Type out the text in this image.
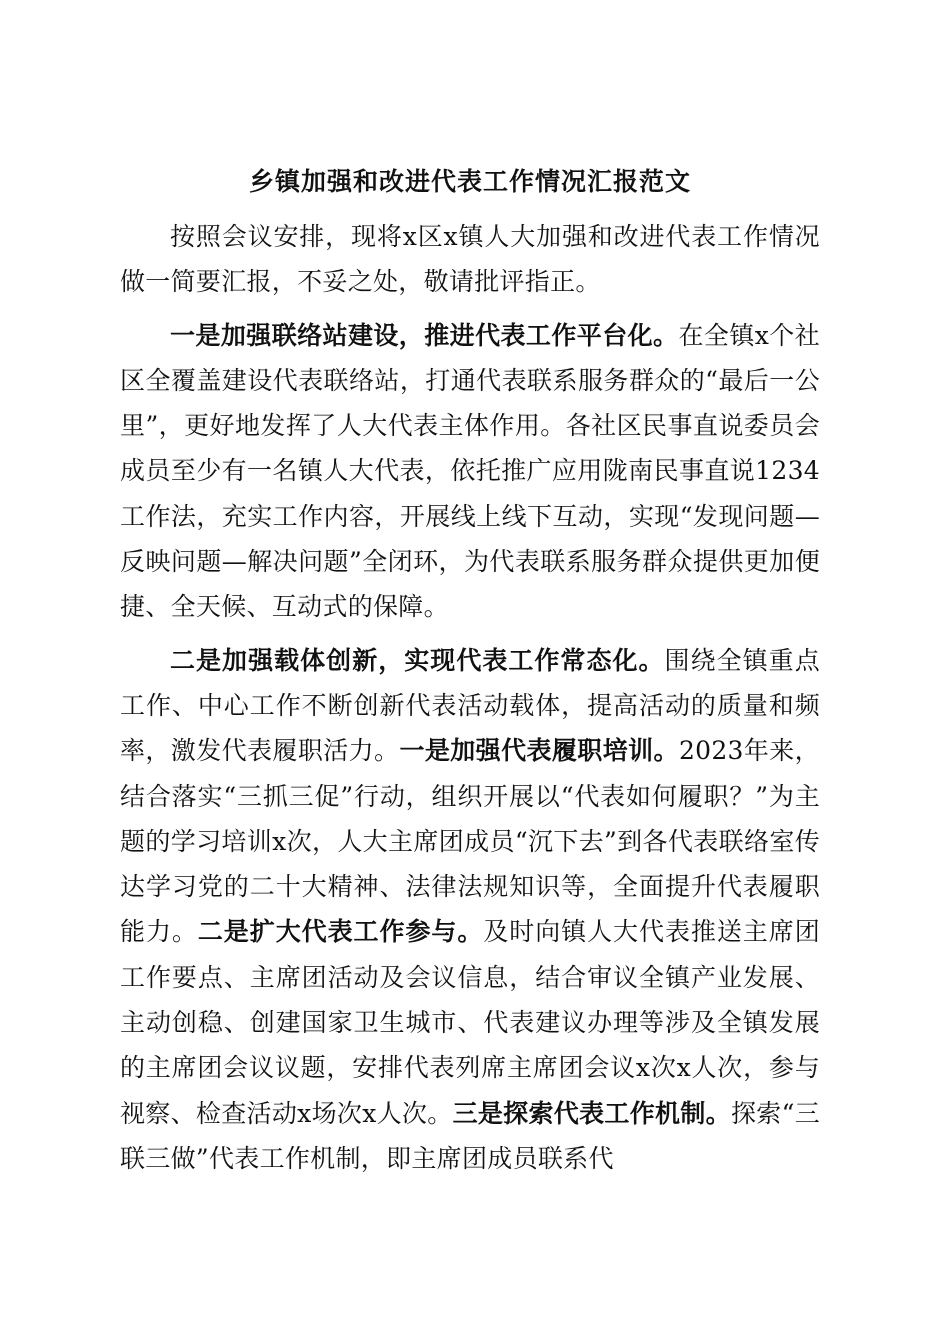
乡镇加强和改进代表工作情况汇报范文

按照会议安排，现将x区x镇人大加强和改进代表工作情况做一简要汇报，不妥之处，敬请批评指正。

一是加强联络站建设，推进代表工作平台化。在全镇x个社区全覆盖建设代表联络站，打通代表联系服务群众的“最后一公里”，更好地发挥了人大代表主体作用。各社区民事直说委员会成员至少有一名镇人大代表，依托推广应用陇南民事直说1234工作法，充实工作内容，开展线上线下互动，实现“发现问题—反映问题—解决问题”全闭环，为代表联系服务群众提供更加便捷、全天候、互动式的保障。

二是加强载体创新，实现代表工作常态化。围绕全镇重点工作、中心工作不断创新代表活动载体，提高活动的质量和频率，激发代表履职活力。一是加强代表履职培训。2023年来，结合落实“三抓三促”行动，组织开展以“代表如何履职？”为主题的学习培训x次，人大主席团成员“沉下去”到各代表联络室传达学习党的二十大精神、法律法规知识等，全面提升代表履职能力。二是扩大代表工作参与。及时向镇人大代表推送主席团工作要点、主席团活动及会议信息，结合审议全镇产业发展、主动创稳、创建国家卫生城市、代表建议办理等涉及全镇发展的主席团会议议题，安排代表列席主席团会议x次x人次，参与视察、检查活动x场次x人次。三是探索代表工作机制。探索“三联三做”代表工作机制，即主席团成员联系代
